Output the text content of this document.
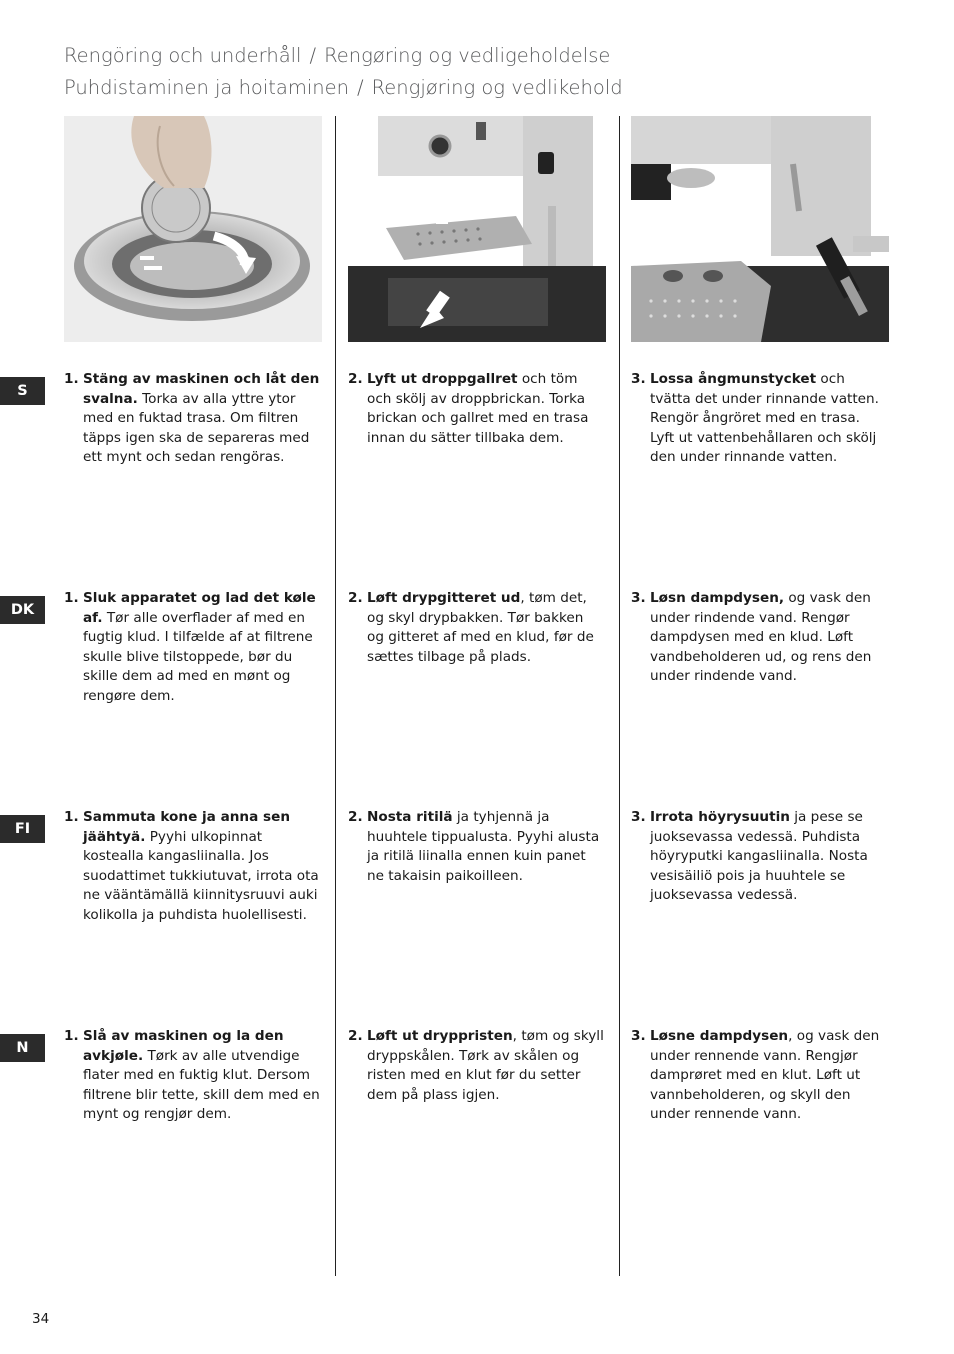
Rengöring och underhåll / Rengøring og vedligeholdelse
Puhdistaminen ja hoitaminen / Rengjøring og vedlikehold
S
1. Stäng av maskinen och låt den svalna. Torka av alla yttre ytor med en fuktad trasa. Om filtren täpps igen ska de separeras med ett mynt och sedan rengöras.
2. Lyft ut droppgallret och töm och skölj av droppbrickan. Torka brickan och gallret med en trasa innan du sätter tillbaka dem.
3. Lossa ångmunstycket och tvätta det under rinnande vatten. Rengör ångröret med en trasa. Lyft ut vattenbehållaren och skölj den under rinnande vatten.
DK
1. Sluk apparatet og lad det køle af. Tør alle overflader af med en fugtig klud. I tilfælde af at filtrene skulle blive tilstoppede, bør du skille dem ad med en mønt og rengøre dem.
2. Løft drypgitteret ud, tøm det, og skyl drypbakken. Tør bakken og gitteret af med en klud, før de sættes tilbage på plads.
3. Løsn dampdysen, og vask den under rindende vand. Rengør dampdysen med en klud. Løft vandbeholderen ud, og rens den under rindende vand.
FI
1. Sammuta kone ja anna sen jäähtyä. Pyyhi ulkopinnat kostealla kangasliinalla. Jos suodattimet tukkiutuvat, irrota ota ne vääntämällä kiinnitysruuvi auki kolikolla ja puhdista huolellisesti.
2. Nosta ritilä ja tyhjennä ja huuhtele tippualusta. Pyyhi alusta ja ritilä liinalla ennen kuin panet ne takaisin paikoilleen.
3. Irrota höyrysuutin ja pese se juoksevassa vedessä. Puhdista höyryputki kangasliinalla. Nosta vesisäiliö pois ja huuhtele se juoksevassa vedessä.
N
1. Slå av maskinen og la den avkjøle. Tørk av alle utvendige flater med en fuktig klut. Dersom filtrene blir tette, skill dem med en mynt og rengjør dem.
2. Løft ut dryppristen, tøm og skyll dryppskålen. Tørk av skålen og risten med en klut før du setter dem på plass igjen.
3. Løsne dampdysen, og vask den under rennende vann. Rengjør damprøret med en klut. Løft ut vannbeholderen, og skyll den under rennende vann.
34
